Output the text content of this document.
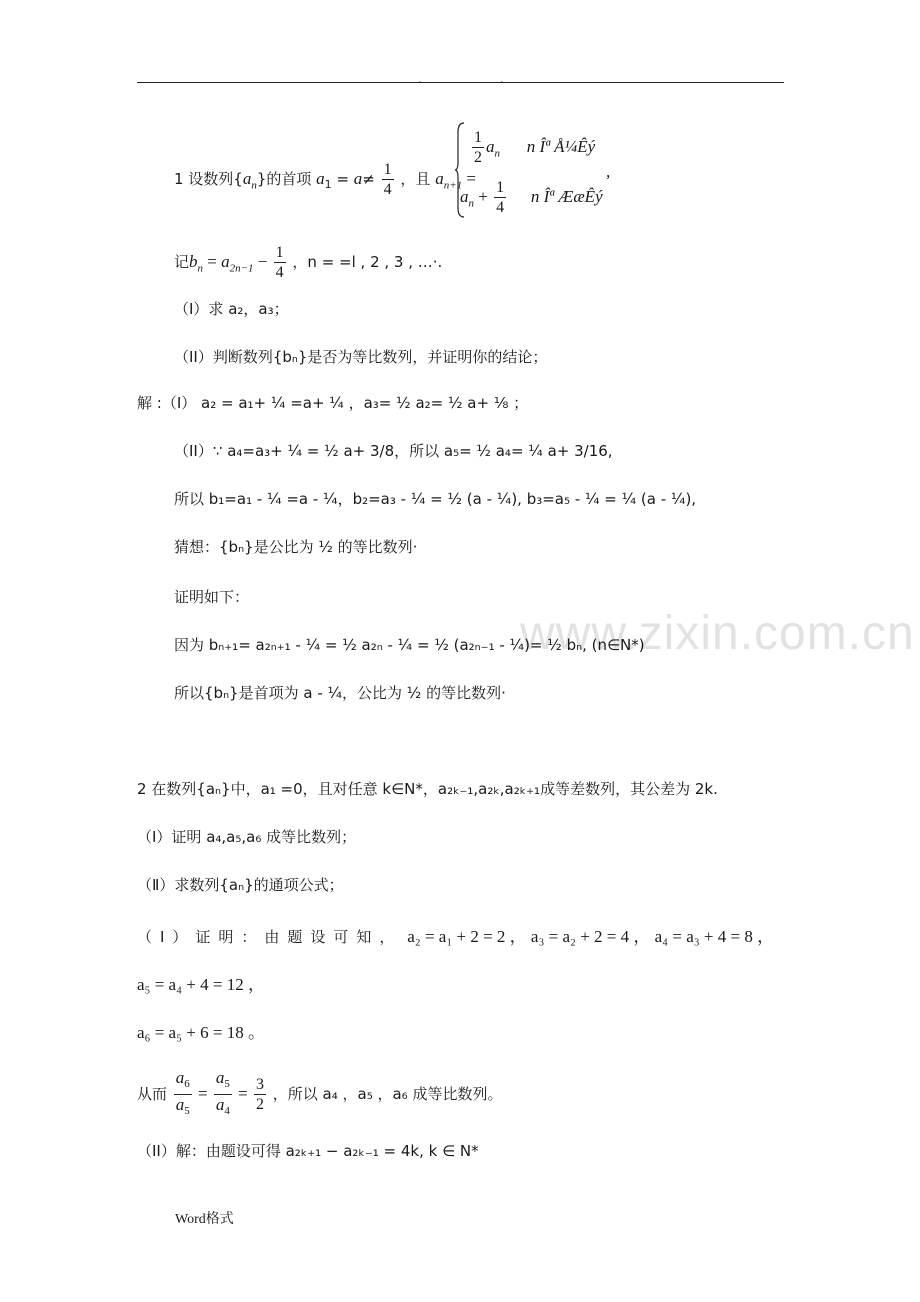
.	.
www.zixin.com.cn
1 设数列$\{a_n\}$的首项 $a_1 = a\ne \frac{1}{4}$ ，且 $a_{n+1}$ =
$\frac{1}{2} a_n$ n Îª Å¼Êý
,
$a_n + \frac{1}{4}$ n Îª ÆæÊý
记$b_n = a_{2n-1} - \frac{1}{4}$ ，n = =l , 2 , 3 , …·.
（I）求 a₂，a₃；
（II）判断数列{bₙ}是否为等比数列，并证明你的结论；
解 :（I） a₂ = a₁+ ¼ =a+ ¼ ，a₃= ½ a₂= ½ a+ ⅛ ；
（II）∵ a₄=a₃+ ¼ = ½ a+ 3/8，所以 a₅= ½ a₄= ¼ a+ 3/16,
所以 b₁=a₁ - ¼ =a - ¼，b₂=a₃ - ¼ = ½ (a - ¼), b₃=a₅ - ¼ = ¼ (a - ¼),
猜想：{bₙ}是公比为 ½ 的等比数列·
证明如下：
因为 bₙ₊₁= a₂ₙ₊₁ - ¼ = ½ a₂ₙ - ¼ = ½ (a₂ₙ₋₁ - ¼)= ½ bₙ, (n∈N*)
所以{bₙ}是首项为 a - ¼，公比为 ½ 的等比数列·
2 在数列{aₙ}中，a₁ =0，且对任意 k∈N*，a₂ₖ₋₁,a₂ₖ,a₂ₖ₊₁成等差数列，其公差为 2k.
（Ⅰ）证明 a₄,a₅,a₆ 成等比数列；
（Ⅱ）求数列{aₙ}的通项公式；
（I）证明：由题设可知， a₂ = a₁ + 2 = 2 ， a₃ = a₂ + 2 = 4 ， a₄ = a₃ + 4 = 8 ，
a₅ = a₄ + 4 = 12 ，
a₆ = a₅ + 6 = 18 。
从而 $\frac{a_6}{a_5} = \frac{a_5}{a_4} = \frac{3}{2}$ ，所以 a₄ ，a₅ ，a₆ 成等比数列。
（II）解：由题设可得 a₂ₖ₊₁ − a₂ₖ₋₁ = 4k, k ∈ N*
Word格式
